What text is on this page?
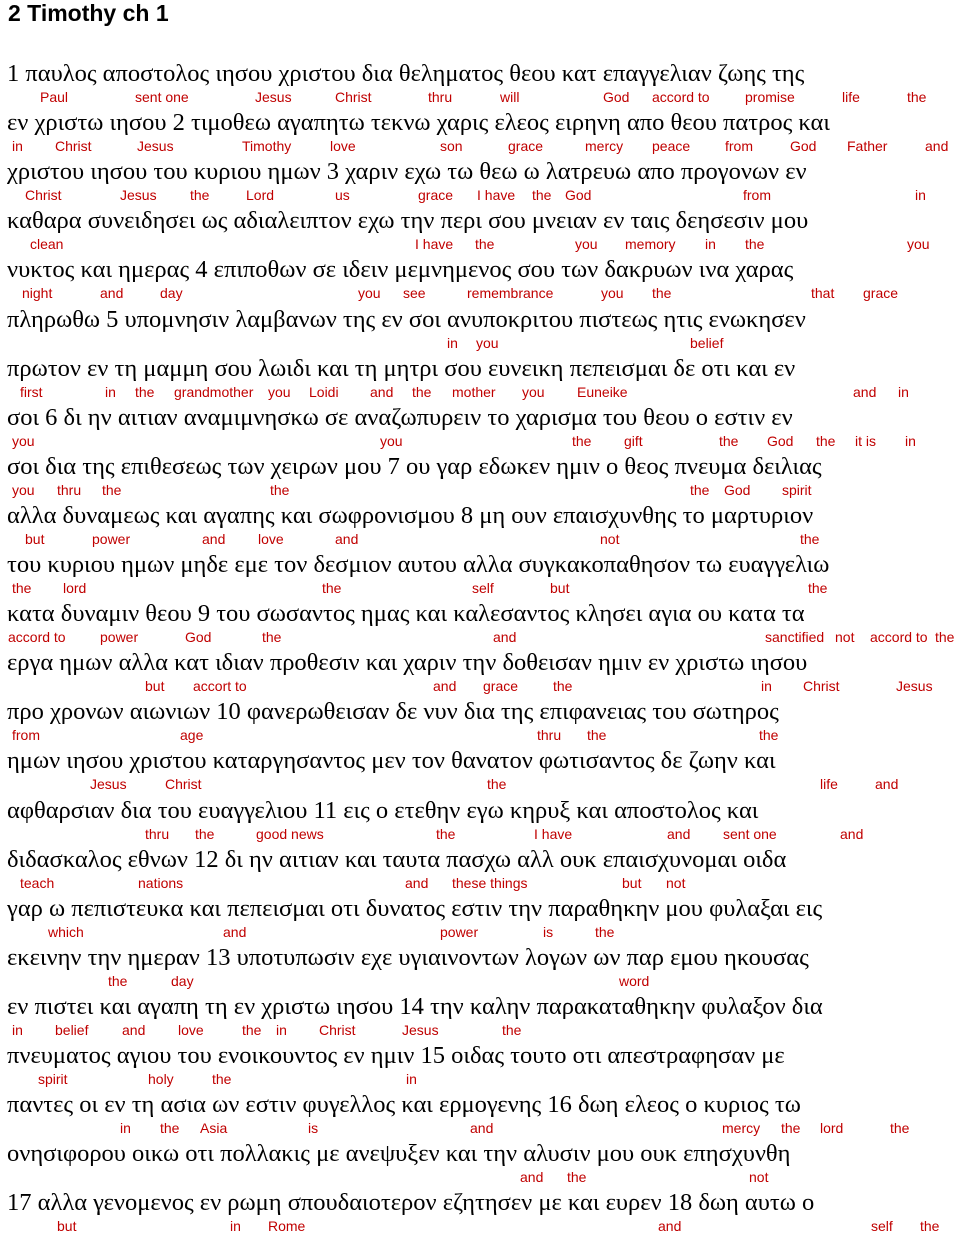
2 Timothy ch 1
1 παυλος αποστολος ιησου χριστου δια θεληματος θεου κατ επαγγελιαν ζωης της
Paul	sent one	Jesus	Christ	thru	will	God accord to	promise	life	the
εν χριστω ιησου 2 τιμοθεω αγαπητω τεκνω χαρις ελεος ειρηνη απο θεου πατρος και
in Christ	Jesus	Timothy	love	son	grace	mercy peace from	God Father	and
χριστου ιησου του κυριου ημων 3 χαριν εχω τω θεω ω λατρευω απο προγονων εν
Christ	Jesus the	Lord	us	grace I have the God	from	in
καθαρα συνειδησει ως αδιαλειπτον εχω την περι σου μνειαν εν ταις δεησεσιν μου
clean	I have the	you memory in the	you
νυκτος και ημερας 4 επιποθων σε ιδειν μεμνημενος σου των δακρυων ινα χαρας
night	and	day	you see	remembrance	you the	that grace
πληρωθω 5 υπομνησιν λαμβανων της εν σοι ανυποκριτου πιστεως ητις ενωκησεν
in you	belief
πρωτον εν τη μαμμη σου λωιδι και τη μητρι σου ευνεικη πεπεισμαι δε οτι και εν
first	in the grandmother you Loidi and the mother you Euneike	and in
σοι 6 δι ην αιτιαν αναμιμνησκω σε αναζωπυρειν το χαρισμα του θεου ο εστιν εν
you	you	the gift	the God the it is in
σοι δια της επιθεσεως των χειρων μου 7 ου γαρ εδωκεν ημιν ο θεος πνευμα δειλιας
you thru the	the	the God spirit
αλλα δυναμεως και αγαπης και σωφρονισμου 8 μη ουν επαισχυνθης το μαρτυριον
but	power	and love	and	not	the
του κυριου ημων μηδε εμε τον δεσμιον αυτου αλλα συγκακοπαθησον τω ευαγγελιω
the lord	the	self	but	the
κατα δυναμιν θεου 9 του σωσαντος ημας και καλεσαντος κλησει αγια ου κατα τα
accord to power	God	the	and	sanctified not accord to the
εργα ημων αλλα κατ ιδιαν προθεσιν και χαριν την δοθεισαν ημιν εν χριστω ιησου
but accort to	and grace the	in Christ	Jesus
προ χρονων αιωνιων 10 φανερωθεισαν δε νυν δια της επιφανειας του σωτηρος
from	age	thru the	the
ημων ιησου χριστου καταργησαντος μεν τον θανατον φωτισαντος δε ζωην και
Jesus	Christ	the	life	and
αφθαρσιαν δια του ευαγγελιου 11 εις ο ετεθην εγω κηρυξ και αποστολος και
thru the	good news	the	I have	and sent one	and
διδασκαλος εθνων 12 δι ην αιτιαν και ταυτα πασχω αλλ ουκ επαισχυνομαι οιδα
teach	nations	and these things	but not
γαρ ω πεπιστευκα και πεπεισμαι οτι δυνατος εστιν την παραθηκην μου φυλαξαι εις
which	and	power	is	the
εκεινην την ημεραν 13 υποτυπωσιν εχε υγιαινοντων λογων ων παρ εμου ηκουσας
the	day	word
εν πιστει και αγαπη τη εν χριστω ιησου 14 την καλην παρακαταθηκην φυλαξον δια
in belief and love	the in Christ	Jesus	the
πνευματος αγιου του ενοικουντος εν ημιν 15 οιδας τουτο οτι απεστραφησαν με
spirit	holy	the	in
παντες οι εν τη ασια ων εστιν φυγελλος και ερμογενης 16 δωη ελεος ο κυριος τω
in the Asia	is	and	mercy the lord	the
ονησιφορου οικω οτι πολλακις με ανεψυξεν και την αλυσιν μου ουκ επησχυνθη
and the	not
17 αλλα γενομενος εν ρωμη σπουδαιοτερον εζητησεν με και ευρεν 18 δωη αυτω ο
but	in Rome	and	self the
